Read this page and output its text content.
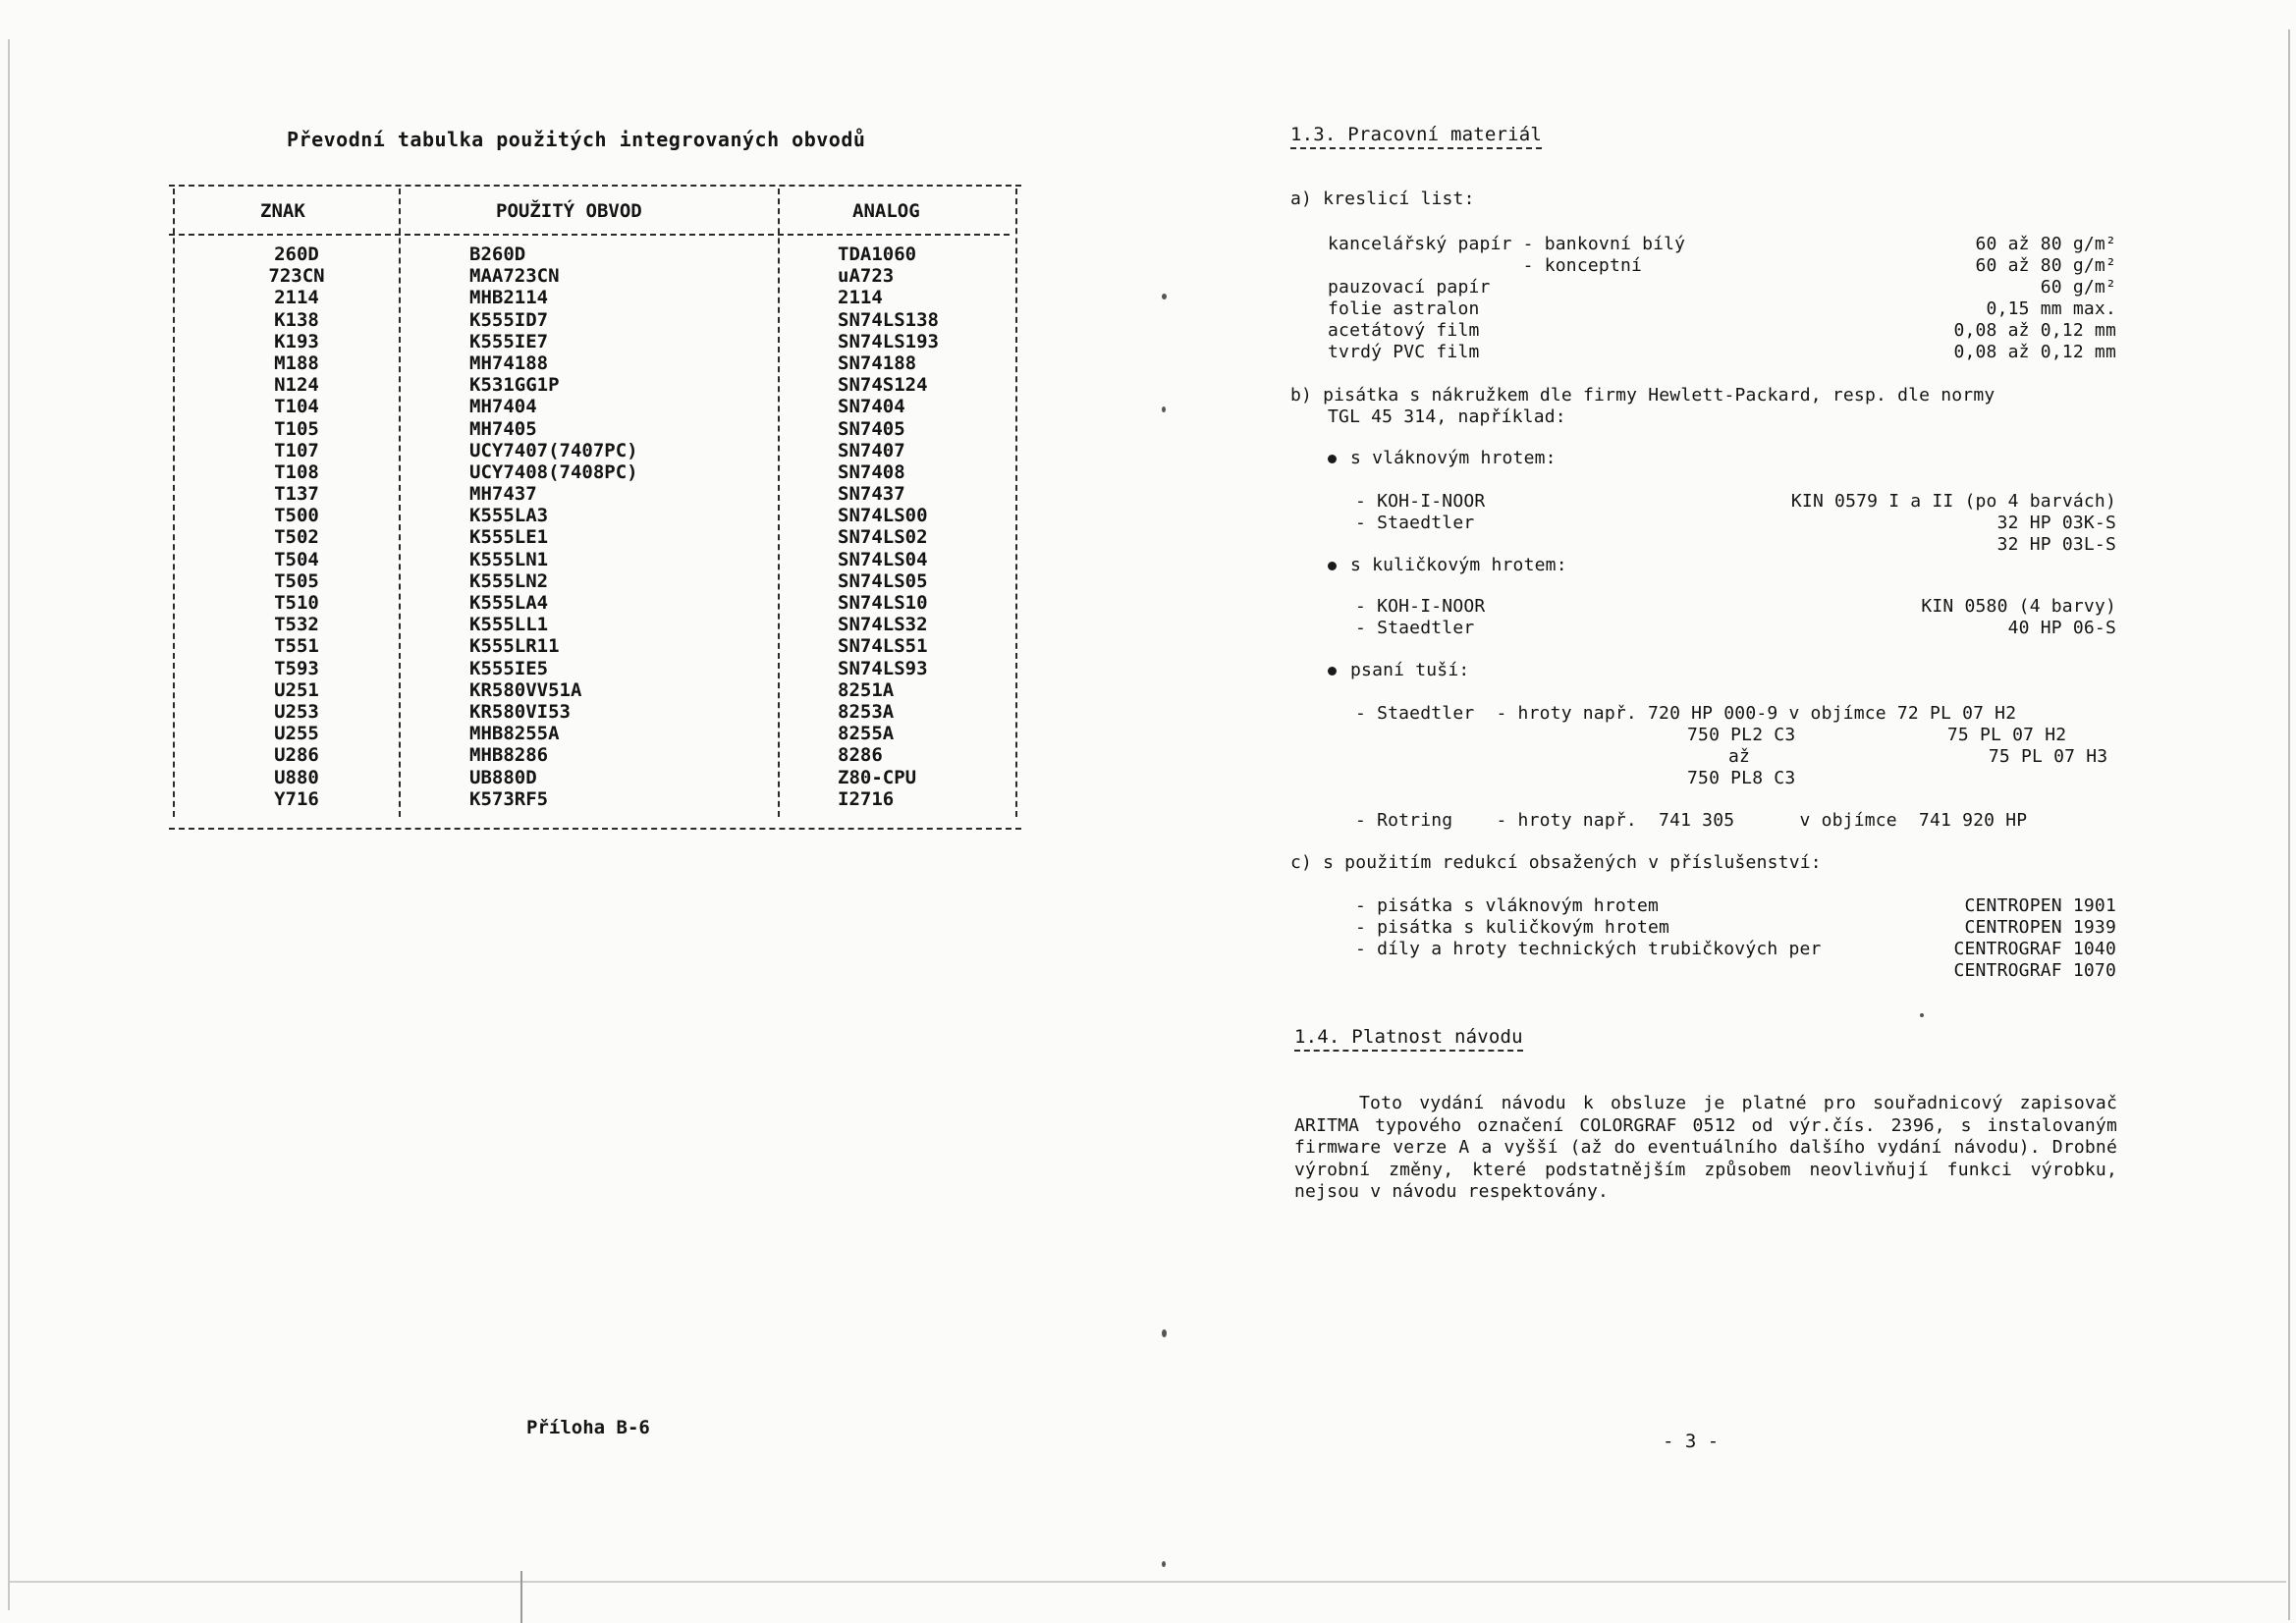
Převodní tabulka použitých integrovaných obvodů
ZNAK	POUŽITÝ OBVOD	ANALOG
260D
723CN
2114
K138
K193
M188
N124
T104
T105
T107
T108
T137
T500
T502
T504
T505
T510
T532
T551
T593
U251
U253
U255
U286
U880
Y716
B260D
MAA723CN
MHB2114
K555ID7
K555IE7
MH74188
K531GG1P
MH7404
MH7405
UCY7407(7407PC)
UCY7408(7408PC)
MH7437
K555LA3
K555LE1
K555LN1
K555LN2
K555LA4
K555LL1
K555LR11
K555IE5
KR580VV51A
KR580VI53
MHB8255A
MHB8286
UB880D
K573RF5
TDA1060
uA723
2114
SN74LS138
SN74LS193
SN74188
SN74S124
SN7404
SN7405
SN7407
SN7408
SN7437
SN74LS00
SN74LS02
SN74LS04
SN74LS05
SN74LS10
SN74LS32
SN74LS51
SN74LS93
8251A
8253A
8255A
8286
Z80-CPU
I2716
Příloha B-6
1.3. Pracovní materiál
a) kreslicí list:
kancelářský papír - bankovní bílý
- konceptní
pauzovací papír
folie astralon
acetátový film
tvrdý PVC film
60 až 80 g/m²
60 až 80 g/m²
60 g/m²
0,15 mm max.
0,08 až 0,12 mm
0,08 až 0,12 mm
b) pisátka s nákružkem dle firmy Hewlett-Packard, resp. dle normy
TGL 45 314, například:
s vláknovým hrotem:
- KOH-I-NOOR
- Staedtler

KIN 0579 I a II (po 4 barvách)
32 HP 03K-S
32 HP 03L-S
s kuličkovým hrotem:
- KOH-I-NOOR
- Staedtler
KIN 0580 (4 barvy)
40 HP 06-S
psaní tuší:
- Staedtler  - hroty např. 720 HP 000-9 v objímce 72 PL 07 H2
750 PL2 C3              75 PL 07 H2
až                      75 PL 07 H3
750 PL8 C3
- Rotring    - hroty např.  741 305      v objímce  741 920 HP
c) s použitím redukcí obsažených v příslušenství:
- pisátka s vláknovým hrotem
- pisátka s kuličkovým hrotem
- díly a hroty technických trubičkových per

CENTROPEN 1901
CENTROPEN 1939
CENTROGRAF 1040
CENTROGRAF 1070
1.4. Platnost návodu

Toto vydání návodu k obsluze je platné pro souřadnicový zapisovač ARITMA typového označení COLORGRAF 0512 od výr.čís. 2396, s instalovaným firmware verze A a vyšší (až do eventuálního dalšího vydání návodu). Drobné výrobní změny, které podstatnějším způsobem neovlivňují funkci výrobku, nejsou v návodu respektovány.

- 3 -
